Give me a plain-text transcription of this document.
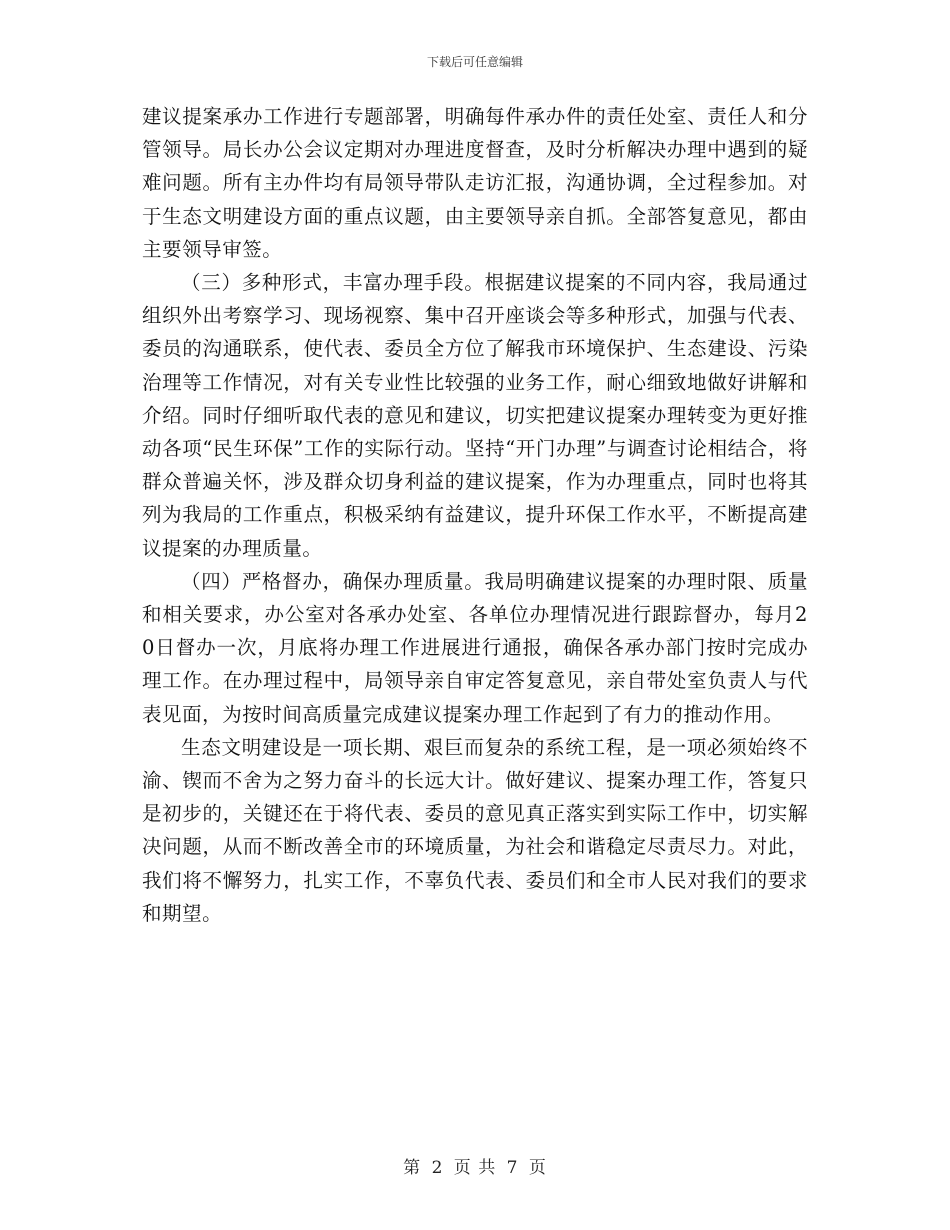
下载后可任意编辑

建议提案承办工作进行专题部署，明确每件承办件的责任处室、责任人和分管领导。局长办公会议定期对办理进度督查，及时分析解决办理中遇到的疑难问题。所有主办件均有局领导带队走访汇报，沟通协调，全过程参加。对于生态文明建设方面的重点议题，由主要领导亲自抓。全部答复意见，都由主要领导审签。

（三）多种形式，丰富办理手段。根据建议提案的不同内容，我局通过组织外出考察学习、现场视察、集中召开座谈会等多种形式，加强与代表、委员的沟通联系，使代表、委员全方位了解我市环境保护、生态建设、污染治理等工作情况，对有关专业性比较强的业务工作，耐心细致地做好讲解和介绍。同时仔细听取代表的意见和建议，切实把建议提案办理转变为更好推动各项“民生环保”工作的实际行动。坚持“开门办理”与调查讨论相结合，将群众普遍关怀，涉及群众切身利益的建议提案，作为办理重点，同时也将其列为我局的工作重点，积极采纳有益建议，提升环保工作水平，不断提高建议提案的办理质量。

（四）严格督办，确保办理质量。我局明确建议提案的办理时限、质量和相关要求，办公室对各承办处室、各单位办理情况进行跟踪督办，每月20日督办一次，月底将办理工作进展进行通报，确保各承办部门按时完成办理工作。在办理过程中，局领导亲自审定答复意见，亲自带处室负责人与代表见面，为按时间高质量完成建议提案办理工作起到了有力的推动作用。

生态文明建设是一项长期、艰巨而复杂的系统工程，是一项必须始终不渝、锲而不舍为之努力奋斗的长远大计。做好建议、提案办理工作，答复只是初步的，关键还在于将代表、委员的意见真正落实到实际工作中，切实解决问题，从而不断改善全市的环境质量，为社会和谐稳定尽责尽力。对此，我们将不懈努力，扎实工作，不辜负代表、委员们和全市人民对我们的要求和期望。

第 2 页 共 7 页
